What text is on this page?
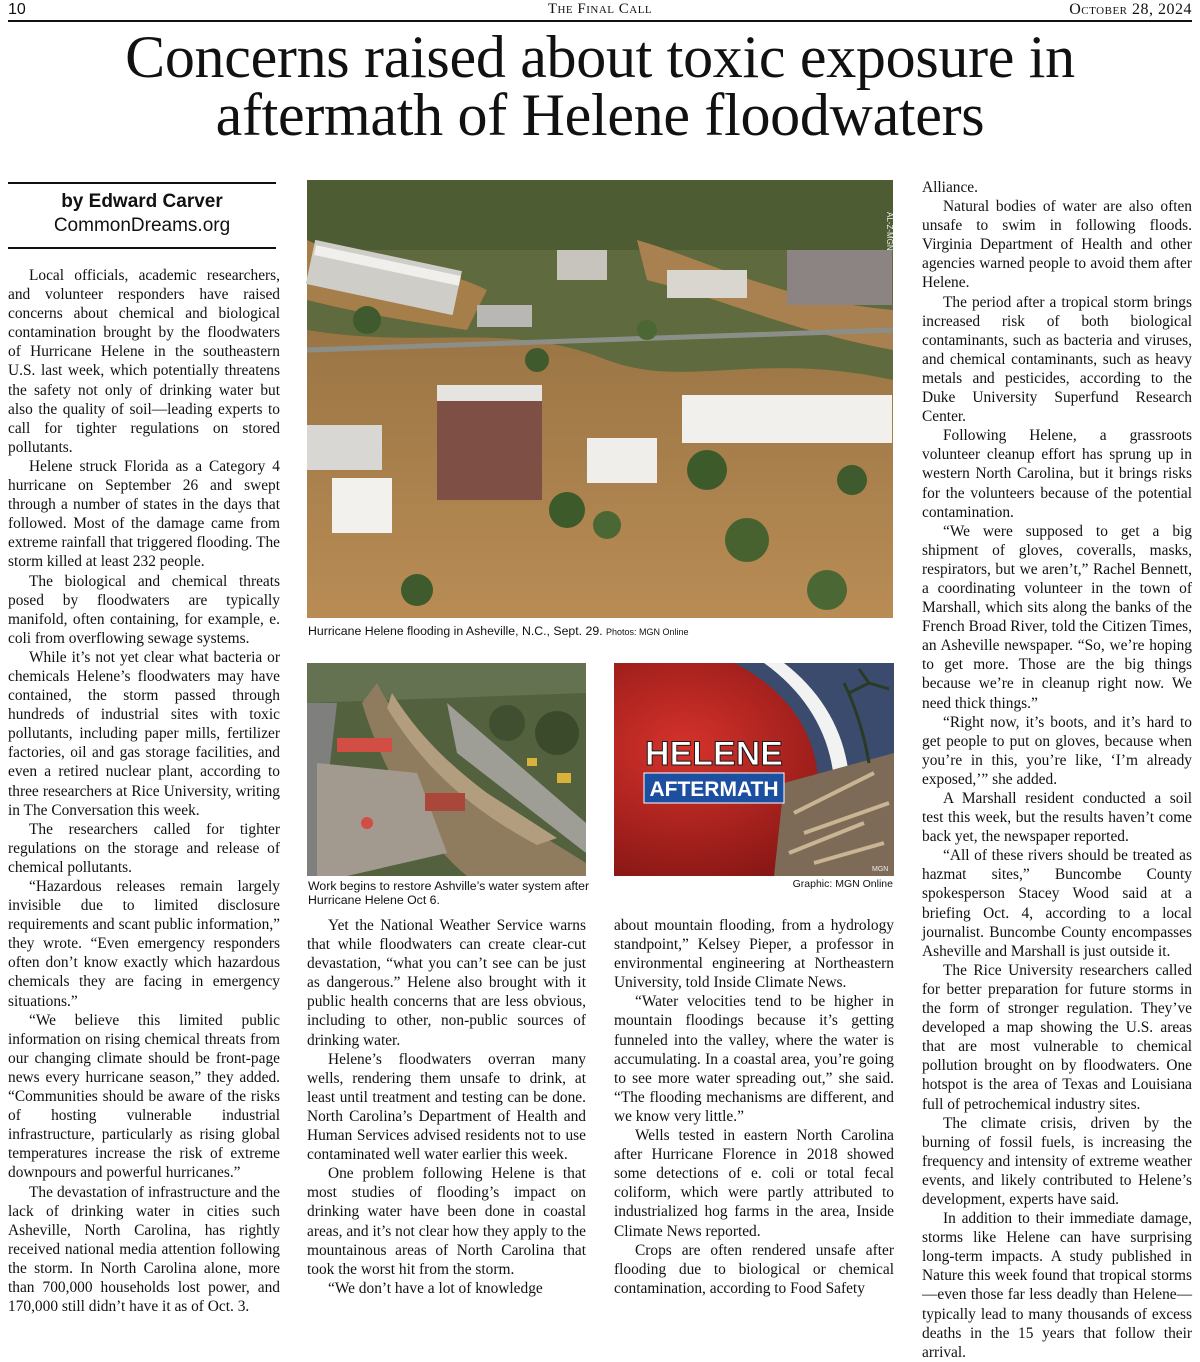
10	The Final Call	October 28, 2024
Concerns raised about toxic exposure in aftermath of Helene floodwaters
by Edward Carver
CommonDreams.org

Local officials, academic researchers, and volunteer responders have raised concerns about chemical and biological contamination brought by the floodwaters of Hurricane Helene in the southeastern U.S. last week, which potentially threatens the safety not only of drinking water but also the quality of soil—leading experts to call for tighter regulations on stored pollutants.

Helene struck Florida as a Category 4 hurricane on September 26 and swept through a number of states in the days that followed. Most of the damage came from extreme rainfall that triggered flooding. The storm killed at least 232 people.

The biological and chemical threats posed by floodwaters are typically manifold, often containing, for example, e. coli from overflowing sewage systems.

While it’s not yet clear what bacteria or chemicals Helene’s floodwaters may have contained, the storm passed through hundreds of industrial sites with toxic pollutants, including paper mills, fertilizer factories, oil and gas storage facilities, and even a retired nuclear plant, according to three researchers at Rice University, writing in The Conversation this week.

The researchers called for tighter regulations on the storage and release of chemical pollutants.

“Hazardous releases remain largely invisible due to limited disclosure requirements and scant public information,” they wrote. “Even emergency responders often don’t know exactly which hazardous chemicals they are facing in emergency situations.”

“We believe this limited public information on rising chemical threats from our changing climate should be front-page news every hurricane season,” they added. “Communities should be aware of the risks of hosting vulnerable industrial infrastructure, particularly as rising global temperatures increase the risk of extreme downpours and powerful hurricanes.”

The devastation of infrastructure and the lack of drinking water in cities such Asheville, North Carolina, has rightly received national media attention following the storm. In North Carolina alone, more than 700,000 households lost power, and 170,000 still didn’t have it as of Oct. 3.

AL-Z-MGN
Hurricane Helene flooding in Asheville, N.C., Sept. 29. Photos: MGN Online
Work begins to restore Ashville’s water system after Hurricane Helene Oct 6.
HELENE
AFTERMATH
MGN
Graphic: MGN Online

Yet the National Weather Service warns that while floodwaters can create clear-cut devastation, “what you can’t see can be just as dangerous.” Helene also brought with it public health concerns that are less obvious, including to other, non-public sources of drinking water.

Helene’s floodwaters overran many wells, rendering them unsafe to drink, at least until treatment and testing can be done. North Carolina’s Department of Health and Human Services advised residents not to use contaminated well water earlier this week.

One problem following Helene is that most studies of flooding’s impact on drinking water have been done in coastal areas, and it’s not clear how they apply to the mountainous areas of North Carolina that took the worst hit from the storm.

“We don’t have a lot of knowledge

about mountain flooding, from a hydrology standpoint,” Kelsey Pieper, a professor in environmental engineering at Northeastern University, told Inside Climate News.

“Water velocities tend to be higher in mountain floodings because it’s getting funneled into the valley, where the water is accumulating. In a coastal area, you’re going to see more water spreading out,” she said. “The flooding mechanisms are different, and we know very little.”

Wells tested in eastern North Carolina after Hurricane Florence in 2018 showed some detections of e. coli or total fecal coliform, which were partly attributed to industrialized hog farms in the area, Inside Climate News reported.

Crops are often rendered unsafe after flooding due to biological or chemical contamination, according to Food Safety

Alliance.

Natural bodies of water are also often unsafe to swim in following floods. Virginia Department of Health and other agencies warned people to avoid them after Helene.

The period after a tropical storm brings increased risk of both biological contaminants, such as bacteria and viruses, and chemical contaminants, such as heavy metals and pesticides, according to the Duke University Superfund Research Center.

Following Helene, a grassroots volunteer cleanup effort has sprung up in western North Carolina, but it brings risks for the volunteers because of the potential contamination.

“We were supposed to get a big shipment of gloves, coveralls, masks, respirators, but we aren’t,” Rachel Bennett, a coordinating volunteer in the town of Marshall, which sits along the banks of the French Broad River, told the Citizen Times, an Asheville newspaper. “So, we’re hoping to get more. Those are the big things because we’re in cleanup right now. We need thick things.”

“Right now, it’s boots, and it’s hard to get people to put on gloves, because when you’re in this, you’re like, ‘I’m already exposed,’” she added.

A Marshall resident conducted a soil test this week, but the results haven’t come back yet, the newspaper reported.

“All of these rivers should be treated as hazmat sites,” Buncombe County spokesperson Stacey Wood said at a briefing Oct. 4, according to a local journalist. Buncombe County encompasses Asheville and Marshall is just outside it.

The Rice University researchers called for better preparation for future storms in the form of stronger regulation. They’ve developed a map showing the U.S. areas that are most vulnerable to chemical pollution brought on by floodwaters. One hotspot is the area of Texas and Louisiana full of petrochemical industry sites.

The climate crisis, driven by the burning of fossil fuels, is increasing the frequency and intensity of extreme weather events, and likely contributed to Helene’s development, experts have said.

In addition to their immediate damage, storms like Helene can have surprising long-term impacts. A study published in Nature this week found that tropical storms—even those far less deadly than Helene—typically lead to many thousands of excess deaths in the 15 years that follow their arrival.
